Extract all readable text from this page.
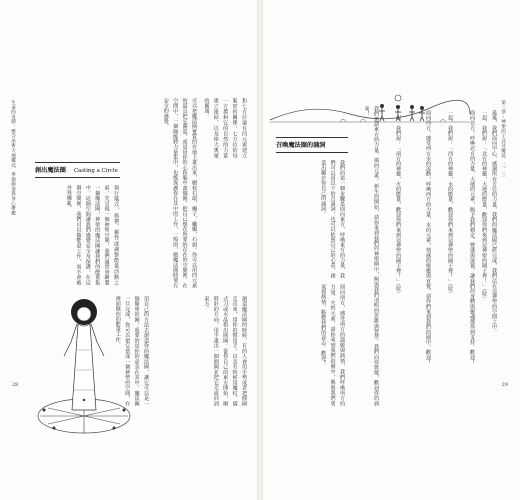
生命的奇蹟：整合巫術大地魔法、季節節奏與身心療癒	和七方位還有四元素建立緊密的關係，七方位的每一方都和它的自然的力量建立連結，以及偉大奧祕的靈通。
可以把魔法圈實質的在地上畫出來，樹枝石頭，繩子，蠟燭，石頭。你可以用四元素的道具把它圍起，或是用你的心和腦中畫個圈，把自己想在所要的存在的空間裡。在空間中，一個圈能將力量集中，也能保護你在其中的工作，一般的，做魔法圈時要有安全的感覺。
創出魔法圈 Casting a Circle
執行儀式、典禮、靈性或調整能量活動之前，先呈現一個神聖空間，我們通常會繪製一個魔法圈，神聖的魔法圈讓我們的能量集中。這個空間讓我們感覺安全及保護，在這個空間裡，我們可以做能量工作，而不會被外界擾亂。
創造魔法圈的時候，有的人會用手勢或者把圓圈走出來，用你的慣用手，以及有時候用魔杖、儀式刀或水晶指出圓圈。從你自己的東方開始，順時針的方向，用手畫出一個圓圈並把它完成回到東方。
用自己的方法去創造你的魔法圈，讓它可以是一個簡單的圈，重要的是你的意念在其中。魔法圈一旦完成，你可以把它當成一個神聖的空間，在裡面做你的能量工作。
28
第三章・神聖的工具及魔法、二、三
召喚魔法圈的誦詞
我們的第一個步驟是面向東方，呼喚東方的力量，我們可以用以下的召請詞，也可以依照自己的心意，創造出屬於你自己的誦詞。	我們邀請東方的力量、風的元素、新生的開始，請你來到我們的神聖圈中，賜與我們清明的思維與智慧。我們向你致敬，歡迎你的到來！
面向南方，感受南方的溫暖與熱情，我們呼喚南方的力量、火的元素，請你來到我們的圈中，賜與我們勇氣與熱情，點燃我們的意志。歡迎！
一起、我們說：「南方的神靈，火的能量，歡迎你們來到這神聖的圈子裡！」（唸）	面向西方，感受西方水的流動，呼喚西方的力量，水的元素，情感的療癒與直覺，請你們來到我們的圈中。歡迎！	一起、我們說：「西方的神靈，水的能量，歡迎你們來到這神聖的圈子裡！」（唸）	面向北方，呼喚北方的力量，大地的元素，賜予我們穩定、豐盛與滋養，讓我們的身體與靈魂都得到支持。歡迎！	一起、我們說：「北方的神靈，大地的能量，歡迎你們來到這神聖的圈子裡！」（唸） 最後，我們面向中心，感謝所有方位的力量，我們的魔法圈已經完成，我們站在這神聖的空間之中。
29
